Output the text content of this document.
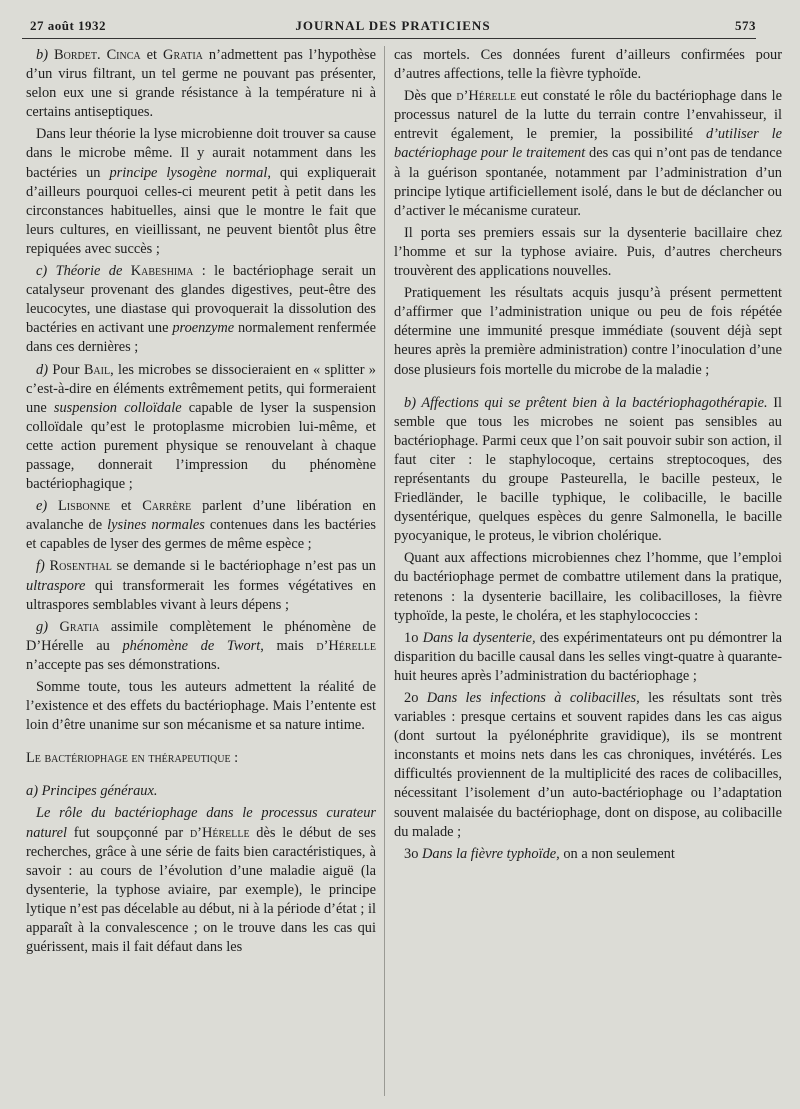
27 août 1932	JOURNAL DES PRATICIENS	573

b) Bordet. Cinca et Gratia n’admettent pas l’hypothèse d’un virus filtrant, un tel germe ne pouvant pas présenter, selon eux une si grande résistance à la température ni à certains antiseptiques.

Dans leur théorie la lyse microbienne doit trouver sa cause dans le microbe même. Il y aurait notamment dans les bactéries un principe lysogène normal, qui expliquerait d’ailleurs pourquoi celles-ci meurent petit à petit dans les circonstances habituelles, ainsi que le montre le fait que leurs cultures, en vieillissant, ne peuvent bientôt plus être repiquées avec succès ;

c) Théorie de Kabeshima : le bactériophage serait un catalyseur provenant des glandes digestives, peut-être des leucocytes, une diastase qui provoquerait la dissolution des bactéries en activant une proenzyme normalement renfermée dans ces dernières ;

d) Pour Bail, les microbes se dissocieraient en « splitter » c’est-à-dire en éléments extrêmement petits, qui formeraient une suspension colloïdale capable de lyser la suspension colloïdale qu’est le protoplasme microbien lui-même, et cette action purement physique se renouvelant à chaque passage, donnerait l’impression du phénomène bactériophagique ;

e) Lisbonne et Carrère parlent d’une libération en avalanche de lysines normales contenues dans les bactéries et capables de lyser des germes de même espèce ;

f) Rosenthal se demande si le bactériophage n’est pas un ultraspore qui transformerait les formes végétatives en ultraspores semblables vivant à leurs dépens ;

g) Gratia assimile complètement le phénomène de D’Hérelle au phénomène de Twort, mais d’Hérelle n’accepte pas ses démonstrations.

Somme toute, tous les auteurs admettent la réalité de l’existence et des effets du bactériophage. Mais l’entente est loin d’être unanime sur son mécanisme et sa nature intime.

Le bactériophage en thérapeutique :

a) Principes généraux.

Le rôle du bactériophage dans le processus curateur naturel fut soupçonné par d’Hérelle dès le début de ses recherches, grâce à une série de faits bien caractéristiques, à savoir : au cours de l’évolution d’une maladie aiguë (la dysenterie, la typhose aviaire, par exemple), le principe lytique n’est pas décelable au début, ni à la période d’état ; il apparaît à la convalescence ; on le trouve dans les cas qui guérissent, mais il fait défaut dans les

cas mortels. Ces données furent d’ailleurs confirmées pour d’autres affections, telle la fièvre typhoïde.

Dès que d’Hérelle eut constaté le rôle du bactériophage dans le processus naturel de la lutte du terrain contre l’envahisseur, il entrevit également, le premier, la possibilité d’utiliser le bactériophage pour le traitement des cas qui n’ont pas de tendance à la guérison spontanée, notamment par l’administration d’un principe lytique artificiellement isolé, dans le but de déclancher ou d’activer le mécanisme curateur.

Il porta ses premiers essais sur la dysenterie bacillaire chez l’homme et sur la typhose aviaire. Puis, d’autres chercheurs trouvèrent des applications nouvelles.

Pratiquement les résultats acquis jusqu’à présent permettent d’affirmer que l’administration unique ou peu de fois répétée détermine une immunité presque immédiate (souvent déjà sept heures après la première administration) contre l’inoculation d’une dose plusieurs fois mortelle du microbe de la maladie ;

b) Affections qui se prêtent bien à la bactériophagothérapie. Il semble que tous les microbes ne soient pas sensibles au bactériophage. Parmi ceux que l’on sait pouvoir subir son action, il faut citer : le staphylocoque, certains streptocoques, des représentants du groupe Pasteurella, le bacille pesteux, le Friedländer, le bacille typhique, le colibacille, le bacille dysentérique, quelques espèces du genre Salmonella, le bacille pyocyanique, le proteus, le vibrion cholérique.

Quant aux affections microbiennes chez l’homme, que l’emploi du bactériophage permet de combattre utilement dans la pratique, retenons : la dysenterie bacillaire, les colibacilloses, la fièvre typhoïde, la peste, le choléra, et les staphylococcies :

1o Dans la dysenterie, des expérimentateurs ont pu démontrer la disparition du bacille causal dans les selles vingt-quatre à quarante-huit heures après l’administration du bactériophage ;

2o Dans les infections à colibacilles, les résultats sont très variables : presque certains et souvent rapides dans les cas aigus (dont surtout la pyélonéphrite gravidique), ils se montrent inconstants et moins nets dans les cas chroniques, invétérés. Les difficultés proviennent de la multiplicité des races de colibacilles, nécessitant l’isolement d’un auto-bactériophage ou l’adaptation souvent malaisée du bactériophage, dont on dispose, au colibacille du malade ;

3o Dans la fièvre typhoïde, on a non seulement
